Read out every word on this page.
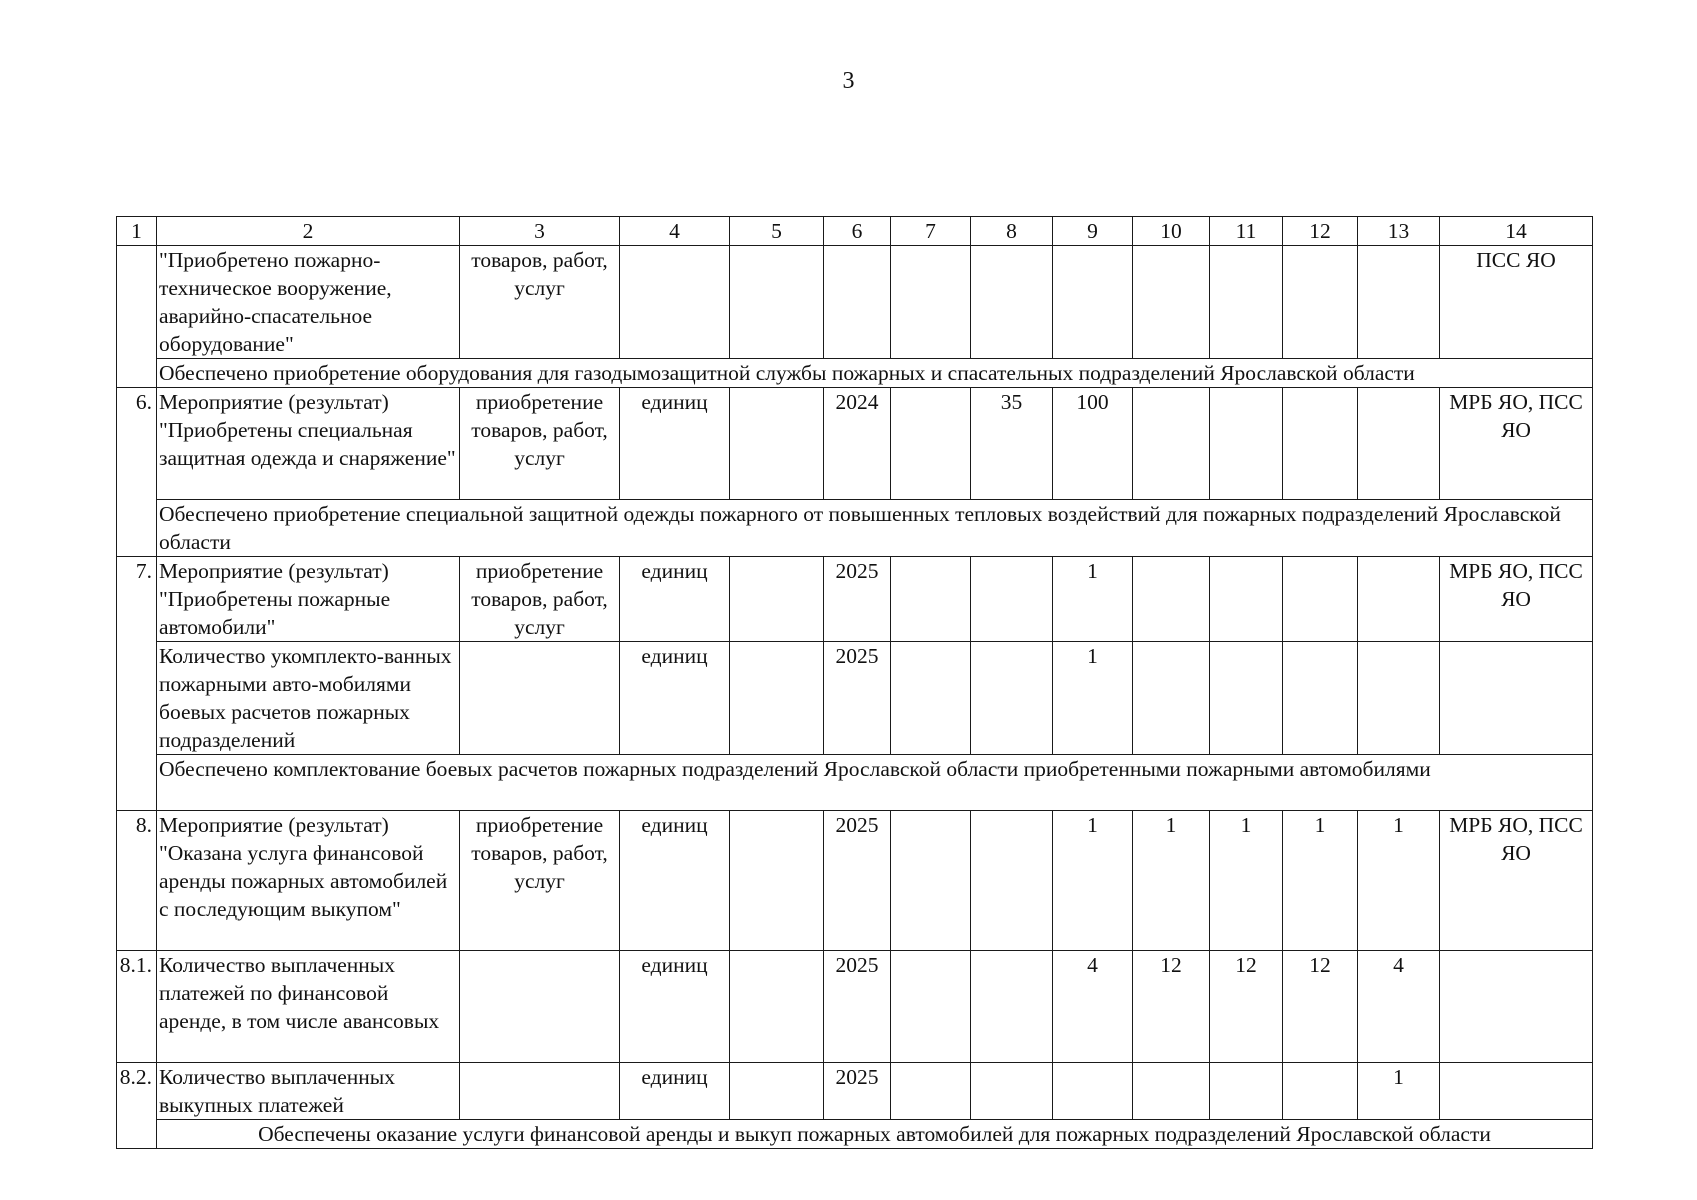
3
1	2	3	4	5	6	7	8	9	10	11	12	13	14
	"Приобретено пожарно-техническое вооружение, аварийно-спасательное оборудование"	товаров, работ, услуг											ПСС ЯО
	Обеспечено приобретение оборудования для газодымозащитной службы пожарных и спасательных подразделений Ярославской области												
6.	Мероприятие (результат) "Приобретены специальная защитная одежда и снаряжение"	приобретение товаров, работ, услуг	единиц		2024		35	100					МРБ ЯО, ПСС ЯО
	Обеспечено приобретение специальной защитной одежды пожарного от повышенных тепловых воздействий для пожарных подразделений Ярославской области												
7.	Мероприятие (результат) "Приобретены пожарные автомобили"	приобретение товаров, работ, услуг	единиц		2025			1					МРБ ЯО, ПСС ЯО
	Количество укомплекто-ванных пожарными авто-мобилями боевых расчетов пожарных подразделений		единиц		2025			1					
	Обеспечено комплектование боевых расчетов пожарных подразделений Ярославской области приобретенными пожарными автомобилями												
8.	Мероприятие (результат) "Оказана услуга финансовой аренды пожарных автомобилей с последующим выкупом"	приобретение товаров, работ, услуг	единиц		2025			1	1	1	1	1	МРБ ЯО, ПСС ЯО
8.1.	Количество выплаченных платежей по финансовой аренде, в том числе авансовых		единиц		2025			4	12	12	12	4	
8.2.	Количество выплаченных выкупных платежей		единиц		2025							1	
	Обеспечены оказание услуги финансовой аренды и выкуп пожарных автомобилей для пожарных подразделений Ярославской области												
